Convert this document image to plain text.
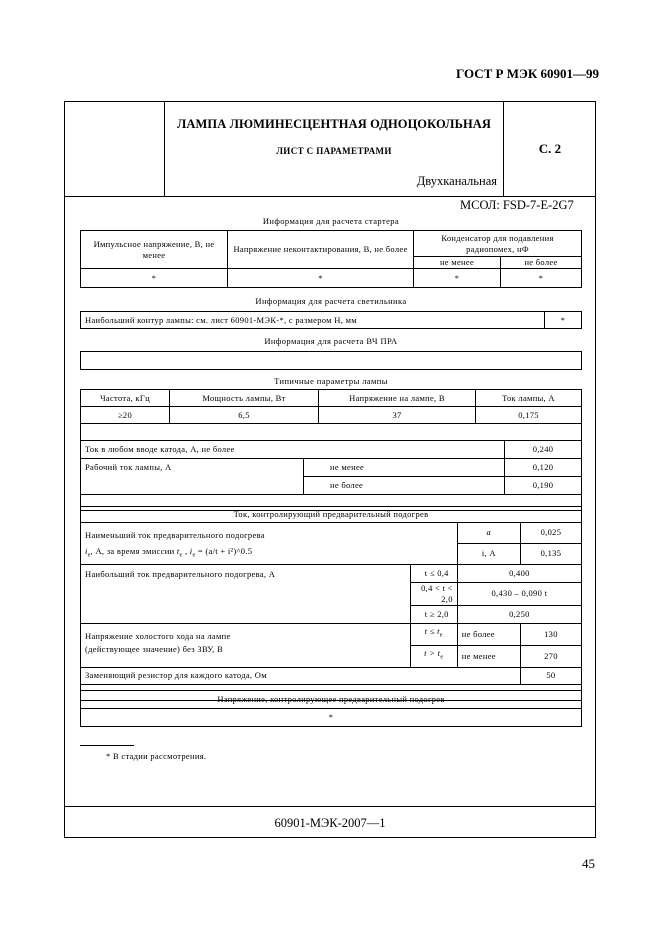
ГОСТ Р МЭК 60901—99
ЛАМПА ЛЮМИНЕСЦЕНТНАЯ ОДНОЦОКОЛЬНАЯ
ЛИСТ С ПАРАМЕТРАМИ
Двухканальная
С. 2
МСОЛ: FSD-7-E-2G7
Информация для расчета стартера
Импульсное напряжение, В, не менее	Напряжение неконтактирования, В, не более	Конденсатор для подавления радиопомех, нФ	
		не менее	не более
*	*	*	*
Информация для расчета светильника
Наибольший контур лампы: см. лист 60901-МЭК-*, с размером H, мм	*
Информация для расчета ВЧ ПРА
Типичные параметры лампы
Частота, кГц	Мощность лампы, Вт	Напряжение на лампе, В	Ток лампы, А
≥20	6,5	37	0,175

Ток в любом вводе катода, А, не более		0,240
Рабочий ток лампы, А	не менее	0,120
	не более	0,190

Ток, контролирующий предварительный подогрев			
Наименьший ток предварительного подогрева
$i_e$, А, за время эмиссии $t_e$ , $i_e = (a/t$ + i²)^0.5		a	0,025
		i, А	0,135
Наибольший ток предварительного подогрева, А	t ≤ 0,4	0,400	
	0,4 < t < 2,0	0,430 – 0,090 t	
	t ≥ 2,0	0,250	
Напряжение холостого хода на лампе
(действующее значение) без ЗВУ, В	$t \le t_e$	не более	130
	$t > t_e$	не менее	270
Заменяющий резистор для каждого катода, Ом			50

Напряжение, контролирующее предварительный подогрев
*
* В стадии рассмотрения.
60901-МЭК-2007—1
45
